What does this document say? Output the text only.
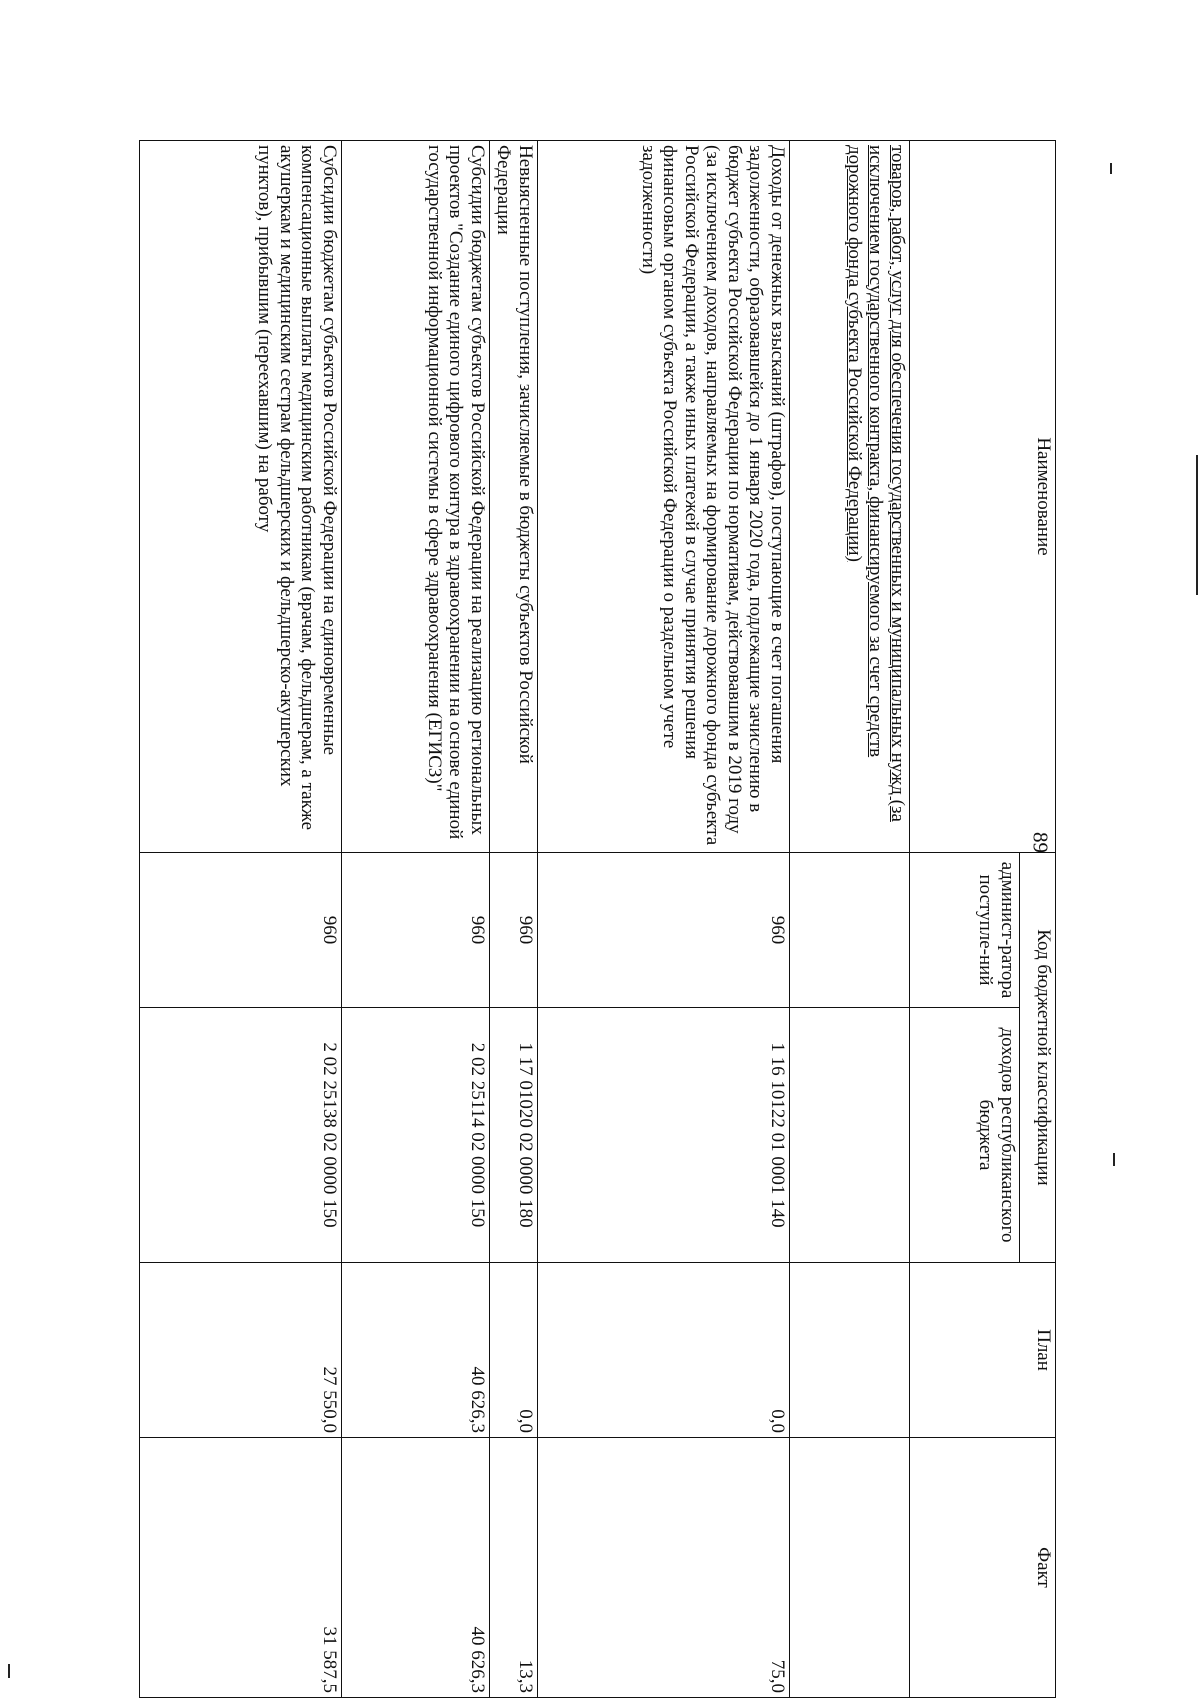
89
Наименование	Код бюджетной классификации		План	Факт
	админист-ратора поступле-ний	доходов республиканского бюджета		
товаров, работ, услуг для обеспечения государственных и муниципальных нужд (за исключением государственного контракта, финансируемого за счет средств дорожного фонда субъекта Российской Федерации)				
Доходы от денежных взысканий (штрафов), поступающие в счет погашения задолженности, образовавшейся до 1 января 2020 года, подлежащие зачислению в бюджет субъекта Российской Федерации по нормативам, действовавшим в 2019 году (за исключением доходов, направляемых на формирование дорожного фонда субъекта Российской Федерации, а также иных платежей в случае принятия решения финансовым органом субъекта Российской Федерации о раздельном учете задолженности)	960	1 16 10122 01 0001 140	0,0	75,0
Невыясненные поступления, зачисляемые в бюджеты субъектов Российской Федерации	960	1 17 01020 02 0000 180	0,0	13,3
Субсидии бюджетам субъектов Российской Федерации на реализацию региональных проектов "Создание единого цифрового контура в здравоохранении на основе единой государственной информационной системы в сфере здравоохранения (ЕГИСЗ)"	960	2 02 25114 02 0000 150	40 626,3	40 626,3
Субсидии бюджетам субъектов Российской Федерации на единовременные компенсационные выплаты медицинским работникам (врачам, фельдшерам, а также акушеркам и медицинским сестрам фельдшерских и фельдшерско-акушерских пунктов), прибывшим (переехавшим) на работу	960	2 02 25138 02 0000 150	27 550,0	31 587,5
